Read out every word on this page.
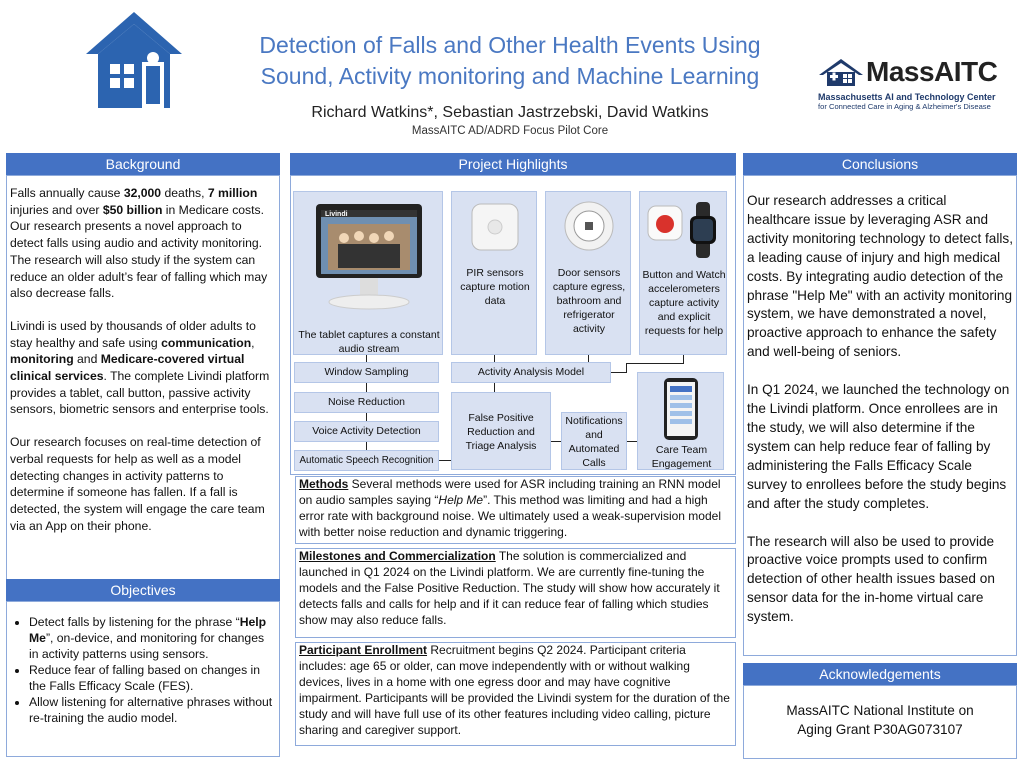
Detection of Falls and Other Health Events Using
Sound, Activity monitoring and Machine Learning
Richard Watkins*, Sebastian Jastrzebski, David Watkins
MassAITC AD/ADRD Focus Pilot Core
MassAITC
Massachusetts AI and Technology Center
for Connected Care in Aging & Alzheimer's Disease
Background

Falls annually cause 32,000 deaths, 7 million injuries and over $50 billion in Medicare costs. Our research presents a novel approach to detect falls using audio and activity monitoring. The research will also study if the system can reduce an older adult’s fear of falling which may also decrease falls.

Livindi is used by thousands of older adults to stay healthy and safe using communication, monitoring and Medicare-covered virtual clinical services. The complete Livindi platform provides a tablet, call button, passive activity sensors, biometric sensors and enterprise tools.

Our research focuses on real-time detection of verbal requests for help as well as a model detecting changes in activity patterns to determine if someone has fallen. If a fall is detected, the system will engage the care team via an App on their phone.

Objectives
• Detect falls by listening for the phrase “Help Me”, on-device, and monitoring for changes in activity patterns using sensors.
• Reduce fear of falling based on changes in the Falls Efficacy Scale (FES).
• Allow listening for alternative phrases without re-training the audio model.
Project Highlights
Livindi
The tablet captures a constant audio stream
PIR sensors capture motion data
Door sensors capture egress, bathroom and refrigerator activity
Button and Watch accelerometers capture activity and explicit requests for help
Window Sampling
Noise Reduction
Voice Activity Detection
Automatic Speech Recognition
Activity Analysis Model
False Positive Reduction and Triage Analysis
Notifications and Automated Calls
Care Team Engagement
Methods Several methods were used for ASR including training an RNN model on audio samples saying “Help Me”. This method was limiting and had a high error rate with background noise. We ultimately used a weak-supervision model with better noise reduction and dynamic triggering.
Milestones and Commercialization The solution is commercialized and launched in Q1 2024 on the Livindi platform. We are currently fine-tuning the models and the False Positive Reduction. The study will show how accurately it detects falls and calls for help and if it can reduce fear of falling which studies show may also reduce falls.
Participant Enrollment Recruitment begins Q2 2024. Participant criteria includes: age 65 or older, can move independently with or without walking devices, lives in a home with one egress door and may have cognitive impairment. Participants will be provided the Livindi system for the duration of the study and will have full use of its other features including video calling, picture sharing and caregiver support.
Conclusions

Our research addresses a critical healthcare issue by leveraging ASR and activity monitoring technology to detect falls, a leading cause of injury and high medical costs. By integrating audio detection of the phrase "Help Me" with an activity monitoring system, we have demonstrated a novel, proactive approach to enhance the safety and well-being of seniors.

In Q1 2024, we launched the technology on the Livindi platform. Once enrollees are in the study, we will also determine if the system can help reduce fear of falling by administering the Falls Efficacy Scale survey to enrollees before the study begins and after the study completes.

The research will also be used to provide proactive voice prompts used to confirm detection of other health issues based on sensor data for the in-home virtual care system.

Acknowledgements
MassAITC National Institute on Aging Grant P30AG073107
